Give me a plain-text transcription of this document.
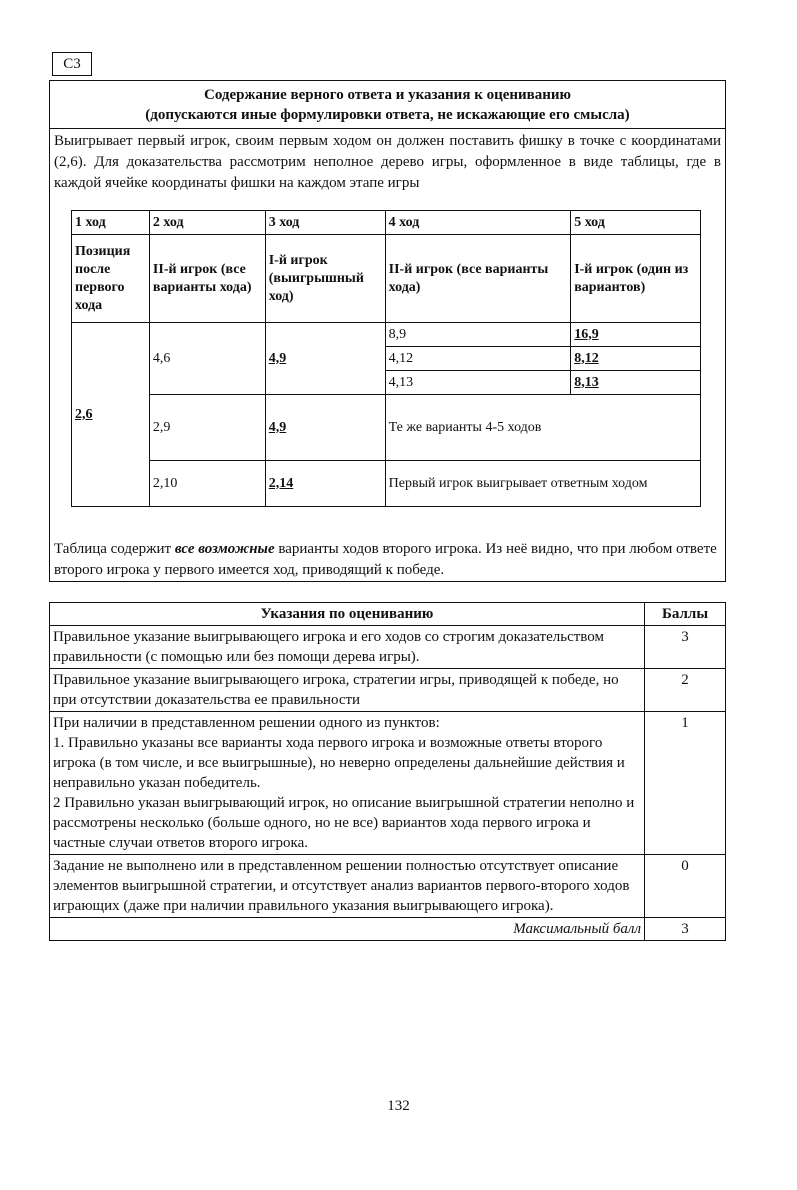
С3
Содержание верного ответа и указания к оцениванию
(допускаются иные формулировки ответа, не искажающие его смысла)
Выигрывает первый игрок, своим первым ходом он должен поставить фишку в точке с координатами (2,6). Для доказательства рассмотрим неполное дерево игры, оформленное в виде таблицы, где в каждой ячейке координаты фишки на каждом этапе игры
1 ход	2 ход	3 ход	4 ход	5 ход
Позиция после первого хода	II-й игрок (все варианты хода)	I-й игрок (выигрышный ход)	II-й игрок (все варианты хода)	I-й игрок (один из вариантов)
2,6	4,6	4,9	8,9	16,9
			4,12	8,12
			4,13	8,13
	2,9	4,9	Те же варианты 4-5 ходов	
	2,10	2,14	Первый игрок выигрывает ответным ходом	
Таблица содержит все возможные варианты ходов второго игрока. Из неё видно, что при любом ответе второго игрока у первого имеется ход, приводящий к победе.
Указания по оцениванию	Баллы
Правильное указание выигрывающего игрока и его ходов со строгим доказательством правильности (с помощью или без помощи дерева игры).	3
Правильное указание выигрывающего игрока, стратегии игры, приводящей к победе, но при отсутствии доказательства ее правильности	2

При наличии в представленном решении одного из пунктов:
1. Правильно указаны все варианты хода первого игрока и возможные ответы второго игрока (в том числе, и все выигрышные), но неверно определены дальнейшие действия и неправильно указан победитель.
2 Правильно указан выигрывающий игрок, но описание выигрышной стратегии неполно и рассмотрены несколько (больше одного, но не все) вариантов хода первого игрока и частные случаи ответов второго игрока.	1
Задание не выполнено или в представленном решении полностью отсутствует описание элементов выигрышной стратегии, и отсутствует анализ вариантов первого-второго ходов играющих (даже при наличии правильного указания выигрывающего игрока).	0
Максимальный балл	3
132
